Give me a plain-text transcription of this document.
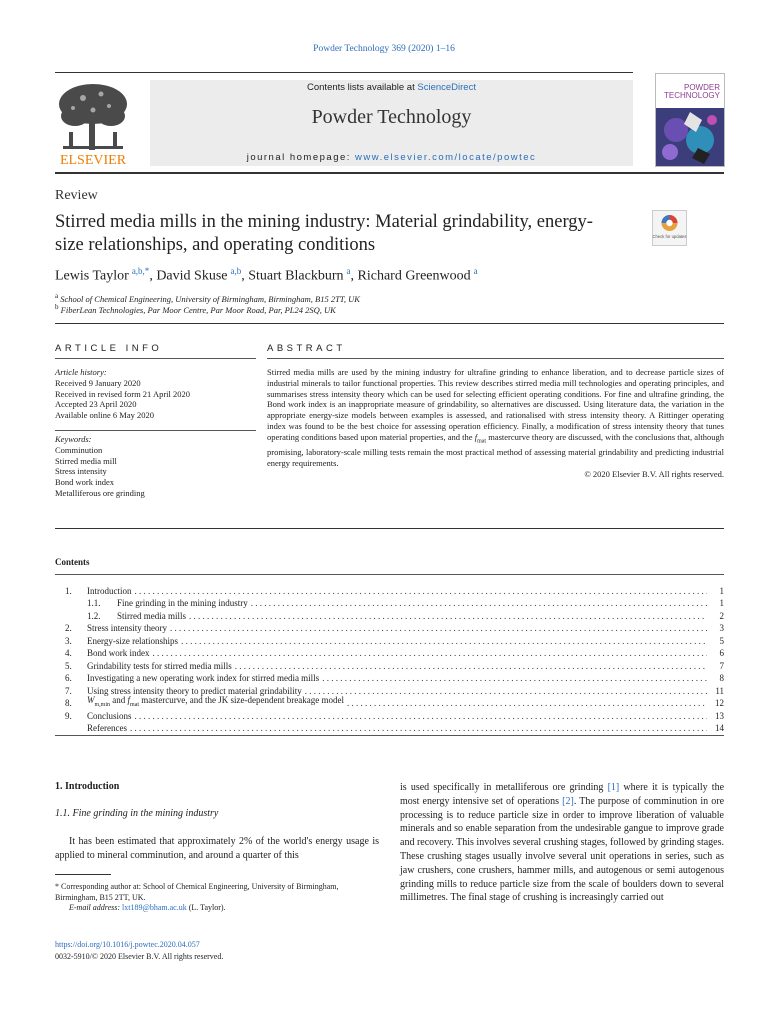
Powder Technology 369 (2020) 1–16
ELSEVIER
Contents lists available at ScienceDirect
Powder Technology
journal homepage: www.elsevier.com/locate/powtec
POWDER
TECHNOLOGY
Review
Stirred media mills in the mining industry: Material grindability, energy-size relationships, and operating conditions	Check for updates
Lewis Taylor $^{a,b,*}$, David Skuse $^{a,b}$, Stuart Blackburn $^a$, Richard Greenwood $^a$
$^a$ School of Chemical Engineering, University of Birmingham, Birmingham, B15 2TT, UK
$^b$ FiberLean Technologies, Par Moor Centre, Par Moor Road, Par, PL24 2SQ, UK
ARTICLE INFO	ABSTRACT
Article history:
Received 9 January 2020
Received in revised form 21 April 2020
Accepted 23 April 2020
Available online 6 May 2020
Keywords:
Comminution
Stirred media mill
Stress intensity
Bond work index
Metalliferous ore grinding
Stirred media mills are used by the mining industry for ultrafine grinding to enhance liberation, and to decrease particle sizes of industrial minerals to tailor functional properties. This review describes stirred media mill technologies and operating principles, and summarises stress intensity theory which can be used for selecting efficient operating conditions. For fine and ultrafine grinding, the Bond work index is an inappropriate measure of grindability, so alternatives are discussed. Using literature data, the variation in the appropriate energy-size models between examples is assessed, and rationalised with stress intensity theory. A Rittinger operating index was found to be the best choice for assessing operation efficiency. Finally, a modification of stress intensity theory that tunes operating conditions based upon material properties, and the $f_{mat}$ mastercurve theory are discussed, with the conclusions that, although promising, laboratory-scale milling tests remain the most practical method of assessing material grindability and predicting industrial energy requirements.
© 2020 Elsevier B.V. All rights reserved.
Contents
1.	Introduction . . .	1
1.1.	Fine grinding in the mining industry . . .	1
1.2.	Stirred media mills . . .	2
2.	Stress intensity theory . . .	3
3.	Energy-size relationships . . .	5
4.	Bond work index . . .	6
5.	Grindability tests for stirred media mills . . .	7
6.	Investigating a new operating work index for stirred media mills . . .	8
7.	Using stress intensity theory to predict material grindability . . .	11
8.	$W_{m,min}$ and $f_{mat}$ mastercurve, and the JK size-dependent breakage model . . .	12
9.	Conclusions . . .	13
References . . .	14
1. Introduction
1.1. Fine grinding in the mining industry
It has been estimated that approximately 2% of the world's energy usage is applied to mineral comminution, and around a quarter of this
* Corresponding author at: School of Chemical Engineering, University of Birmingham, Birmingham, B15 2TT, UK.
E-mail address: lxt189@bham.ac.uk (L. Taylor).
https://doi.org/10.1016/j.powtec.2020.04.057
0032-5910/© 2020 Elsevier B.V. All rights reserved.
is used specifically in metalliferous ore grinding [1] where it is typically the most energy intensive set of operations [2]. The purpose of comminution in ore processing is to reduce particle size in order to improve liberation of valuable minerals and so enable separation from the undesirable gangue to improve grade and recovery. This involves several crushing stages, followed by grinding stages. These crushing stages usually involve several unit operations in series, such as jaw crushers, cone crushers, hammer mills, and autogenous or semi autogenous grinding mills to reduce particle size from the scale of boulders down to several millimetres. The final stage of crushing is increasingly carried out
